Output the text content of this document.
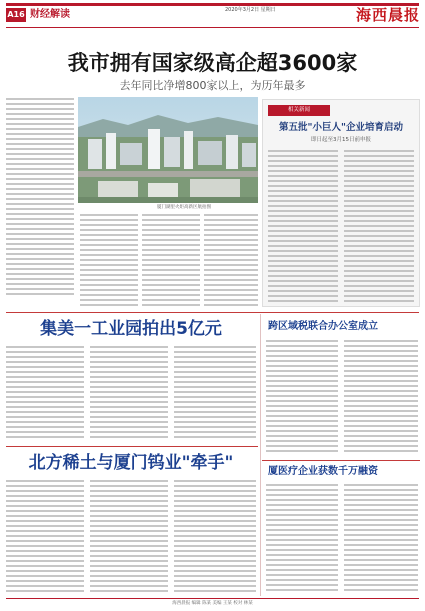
A16 财经解读	2020年3月2日 星期日	海西晨报
我市拥有国家级高企超3600家
去年同比净增800家以上，为历年最多
厦门湖里火炬高新区航拍图
相关新闻
第五批"小巨人"企业培育启动
即日起至3月15日前申报
集美一工业园拍出5亿元
北方稀土与厦门钨业"牵手"
跨区域税联合办公室成立
厦医疗企业获数千万融资
海西晨报 编辑 陈某 美编 王某 校对 林某
